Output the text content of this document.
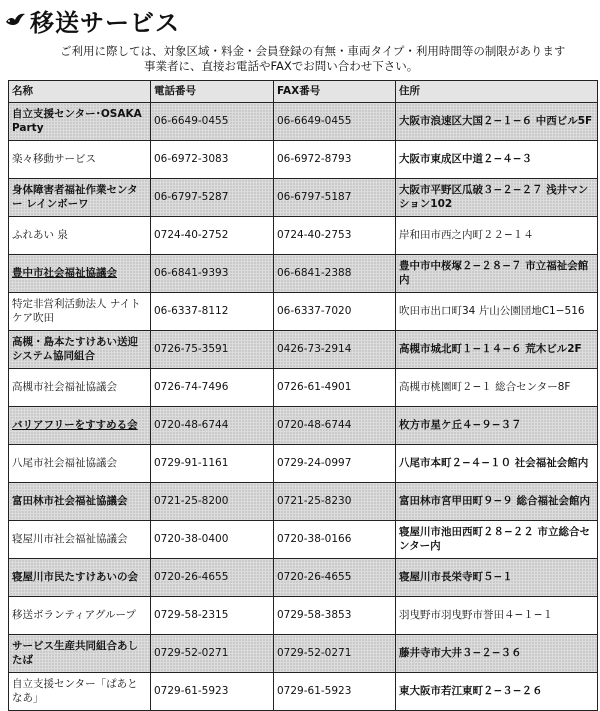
移送サービス
ご利用に際しては、対象区域・料金・会員登録の有無・車両タイプ・利用時間等の制限があります
事業者に、直接お電話やFAXでお問い合わせ下さい。
名称	電話番号	FAX番号	住所
自立支援センター･OSAKA Party	06-6649-0455	06-6649-0455	大阪市浪速区大国２−１−６ 中西ビル5F
楽々移動サービス	06-6972-3083	06-6972-8793	大阪市東成区中道２−４−３
身体障害者福祉作業センター レインボーワ	06-6797-5287	06-6797-5187	大阪市平野区瓜破３−２−２７ 浅井マンション102
ふれあい 泉	0724-40-2752	0724-40-2753	岸和田市西之内町２２−１４
豊中市社会福祉協議会	06-6841-9393	06-6841-2388	豊中市中桜塚２−２８−７ 市立福祉会館内
特定非営利活動法人 ナイトケア吹田	06-6337-8112	06-6337-7020	吹田市出口町34 片山公園団地C1−516
高槻・島本たすけあい送迎システム協同組合	0726-75-3591	0426-73-2914	高槻市城北町１−１４−６ 荒木ビル2F
高槻市社会福祉協議会	0726-74-7496	0726-61-4901	高槻市桃園町２−１ 総合センター8F
バリアフリーをすすめる会	0720-48-6744	0720-48-6744	枚方市星ケ丘４−９−３７
八尾市社会福祉協議会	0729-91-1161	0729-24-0997	八尾市本町２−４−１０ 社会福祉会館内
富田林市社会福祉協議会	0721-25-8200	0721-25-8230	富田林市宮甲田町９−９ 総合福祉会館内
寝屋川市社会福祉協議会	0720-38-0400	0720-38-0166	寝屋川市池田西町２８−２２ 市立総合センター内
寝屋川市民たすけあいの会	0720-26-4655	0720-26-4655	寝屋川市長栄寺町５−１
移送ボランティアグループ	0729-58-2315	0729-58-3853	羽曳野市羽曳野市誉田４−１−１
サービス生産共同組合あしたば	0729-52-0271	0729-52-0271	藤井寺市大井３−２−３６
自立支援センター「ぱあとなあ」	0729-61-5923	0729-61-5923	東大阪市若江東町２−３−２６
